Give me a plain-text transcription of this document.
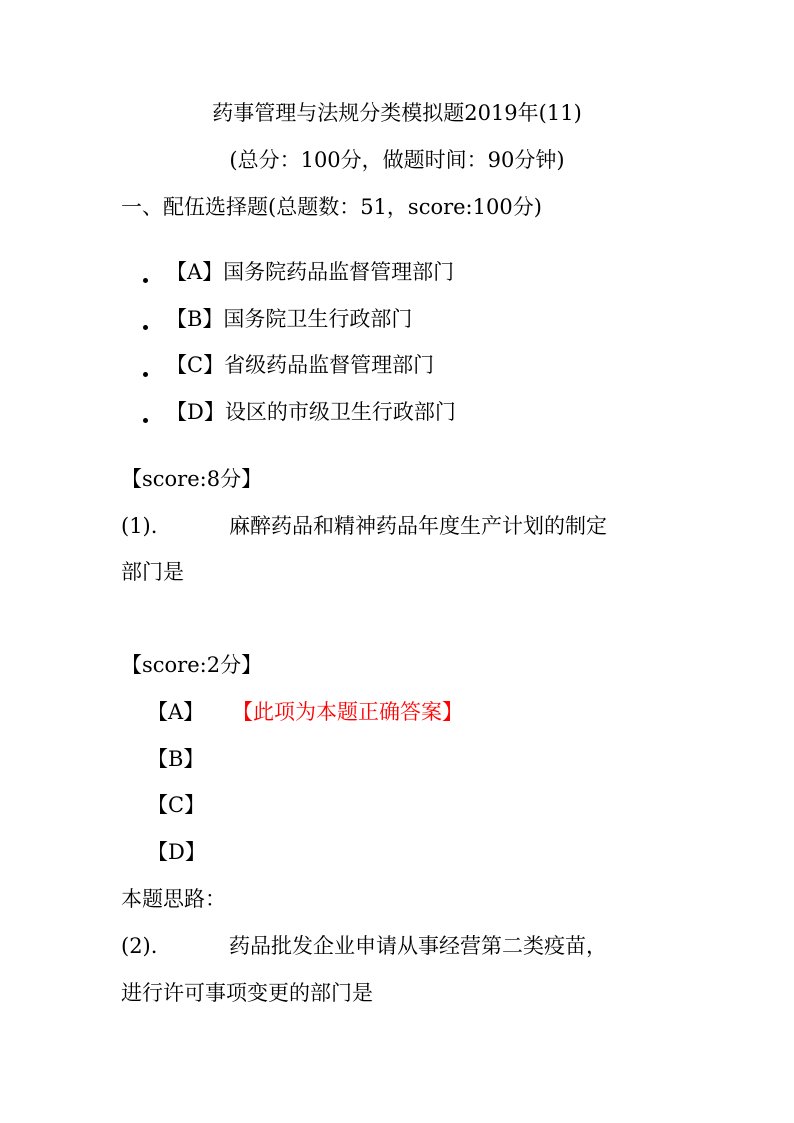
药事管理与法规分类模拟题2019年(11)
(总分：100分，做题时间：90分钟)
一、配伍选择题(总题数：51，score:100分)
【A】国务院药品监督管理部门
【B】国务院卫生行政部门
【C】省级药品监督管理部门
【D】设区的市级卫生行政部门
【score:8分】
(1).	麻醉药品和精神药品年度生产计划的制定
部门是
【score:2分】
【A】 【此项为本题正确答案】
【B】
【C】
【D】
本题思路：
(2).	药品批发企业申请从事经营第二类疫苗，
进行许可事项变更的部门是
